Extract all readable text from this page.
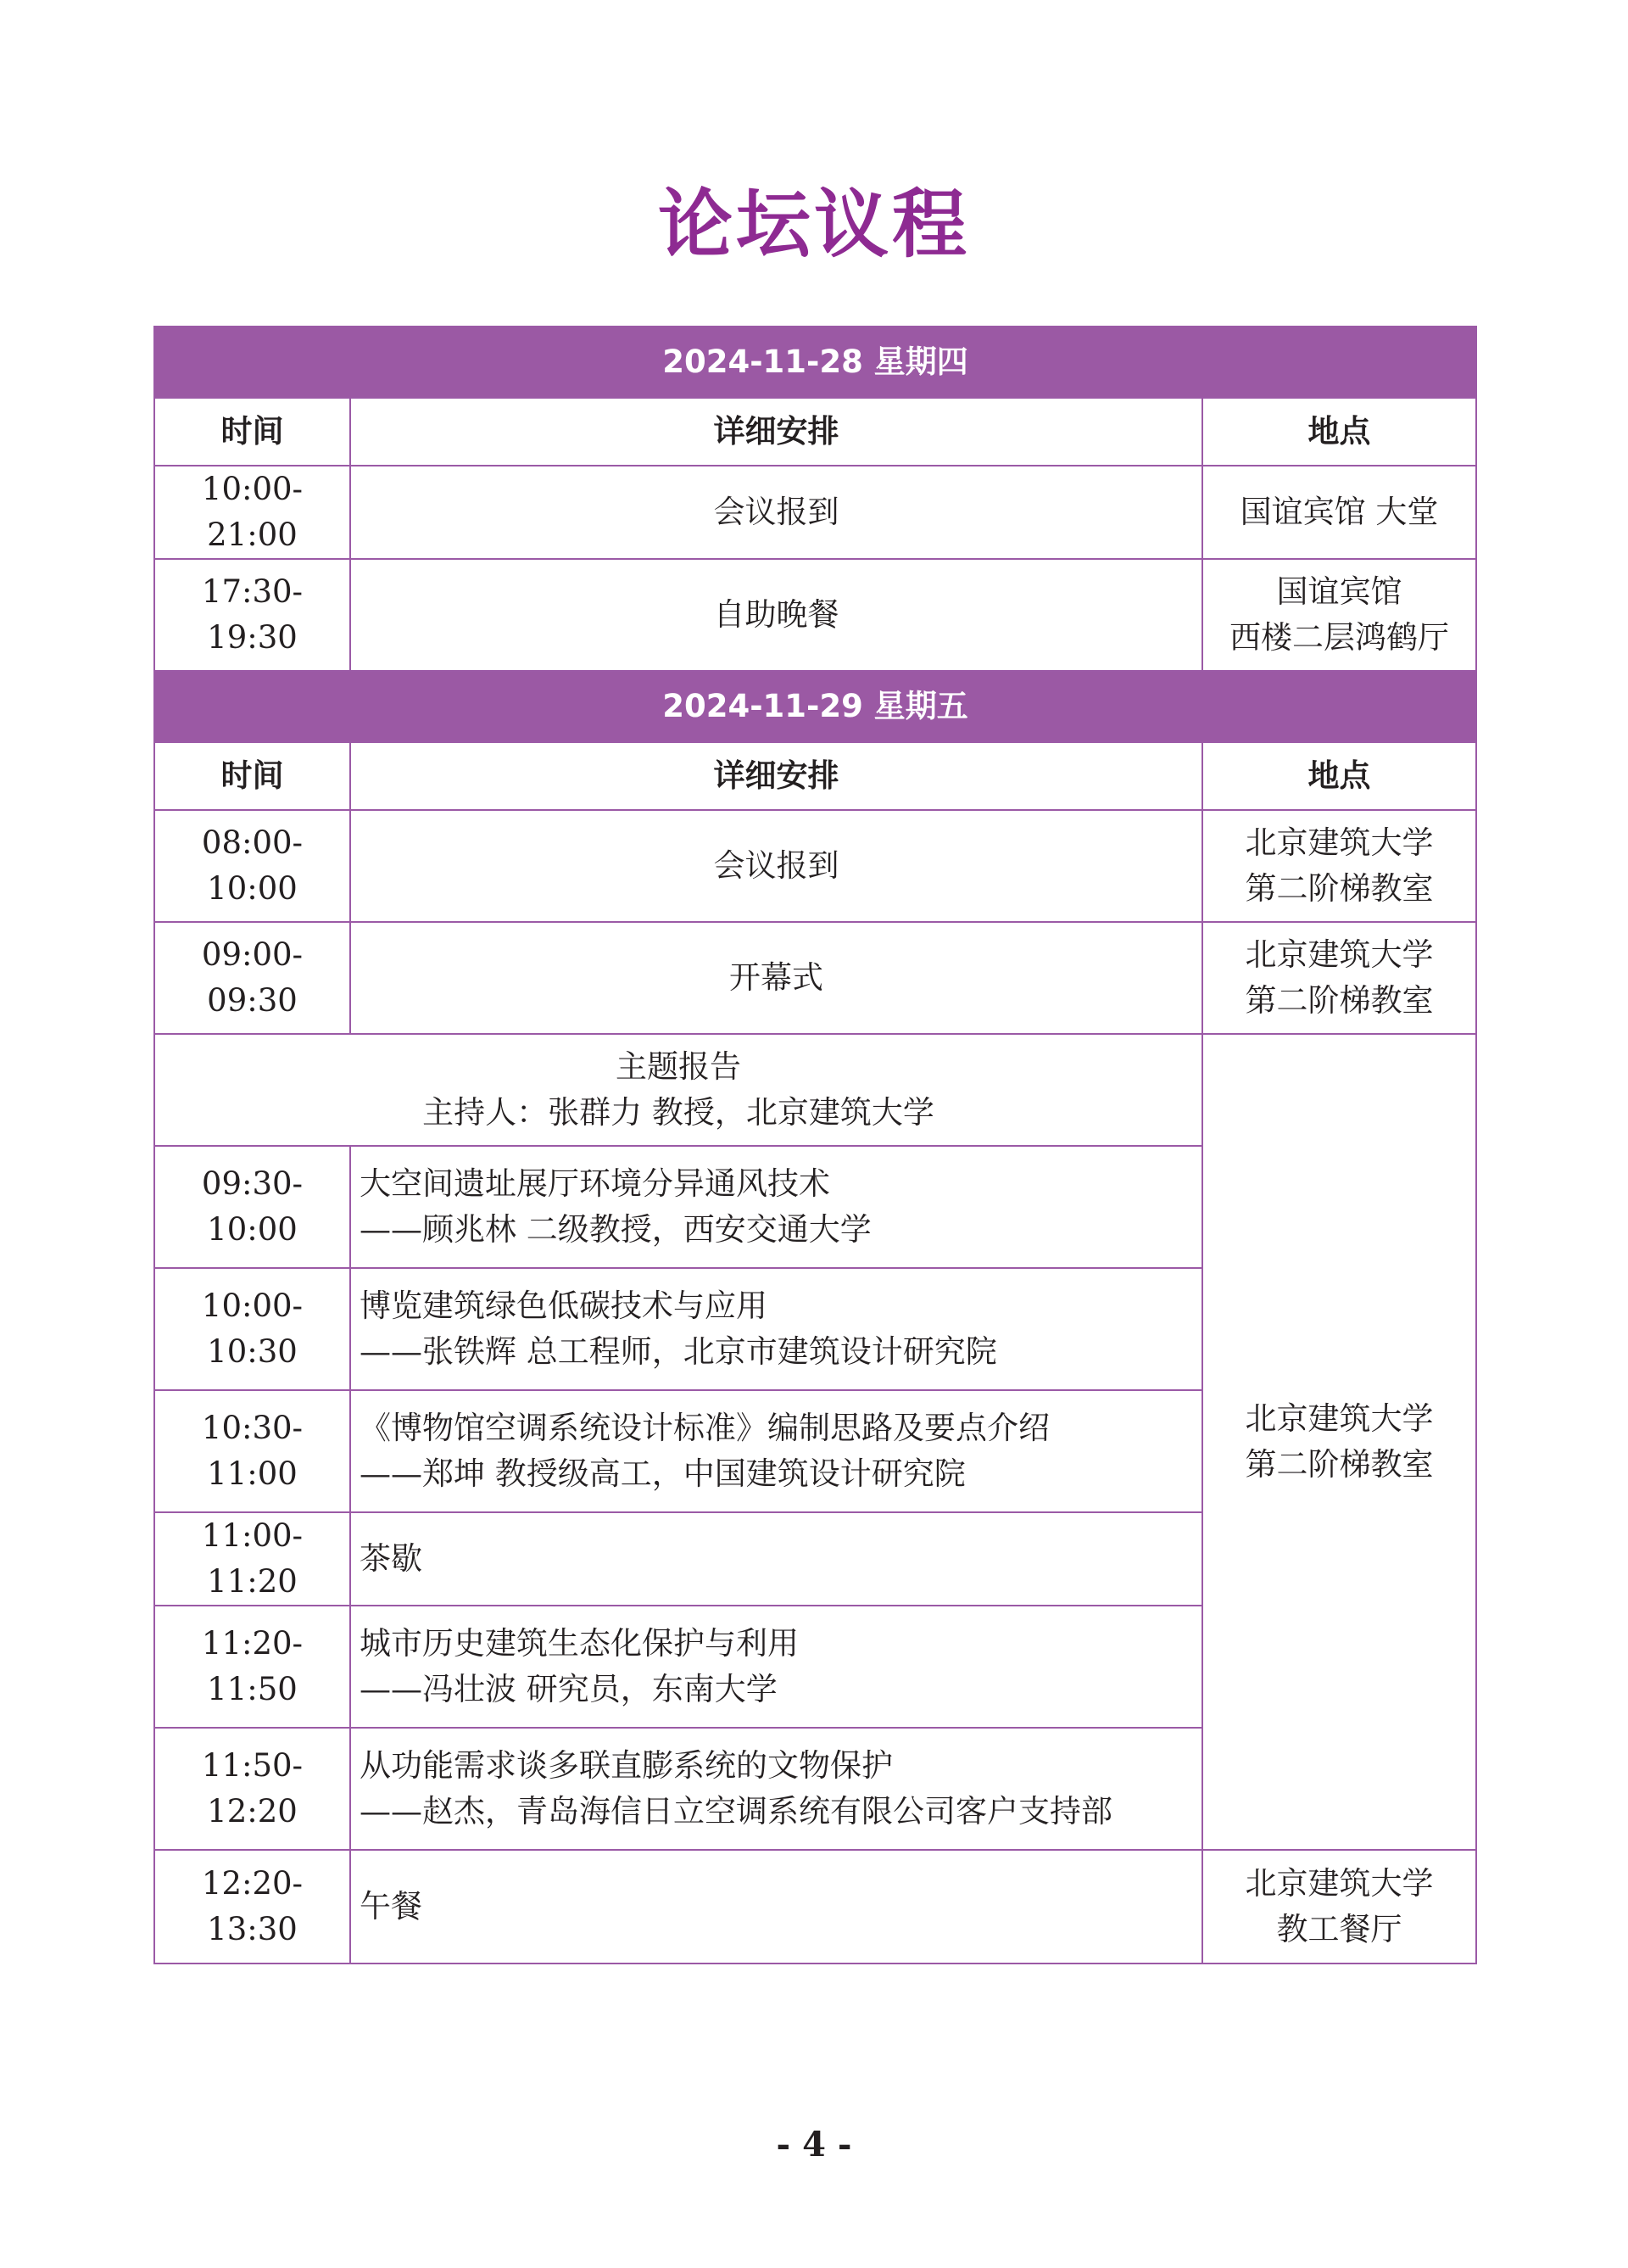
论坛议程
2024-11-28 星期四		
时间	详细安排	地点
10:00-21:00	会议报到	国谊宾馆 大堂
17:30-19:30	自助晚餐	国谊宾馆
西楼二层鸿鹤厅

2024-11-29 星期五		
时间	详细安排	地点
08:00-10:00	会议报到	北京建筑大学
第二阶梯教室

09:00-09:30	开幕式	北京建筑大学
第二阶梯教室

主题报告
主持人：张群力 教授，北京建筑大学		北京建筑大学
第二阶梯教室

09:30-10:00	大空间遗址展厅环境分异通风技术
——顾兆林 二级教授，西安交通大学	

10:00-10:30	博览建筑绿色低碳技术与应用
——张铁辉 总工程师，北京市建筑设计研究院	

10:30-11:00	《博物馆空调系统设计标准》编制思路及要点介绍
——郑坤 教授级高工，中国建筑设计研究院	

11:00-11:20	茶歇	
11:20-11:50	城市历史建筑生态化保护与利用
——冯壮波 研究员，东南大学	

11:50-12:20	从功能需求谈多联直膨系统的文物保护
——赵杰，青岛海信日立空调系统有限公司客户支持部	

12:20-13:30	午餐	北京建筑大学
教工餐厅
- 4 -
